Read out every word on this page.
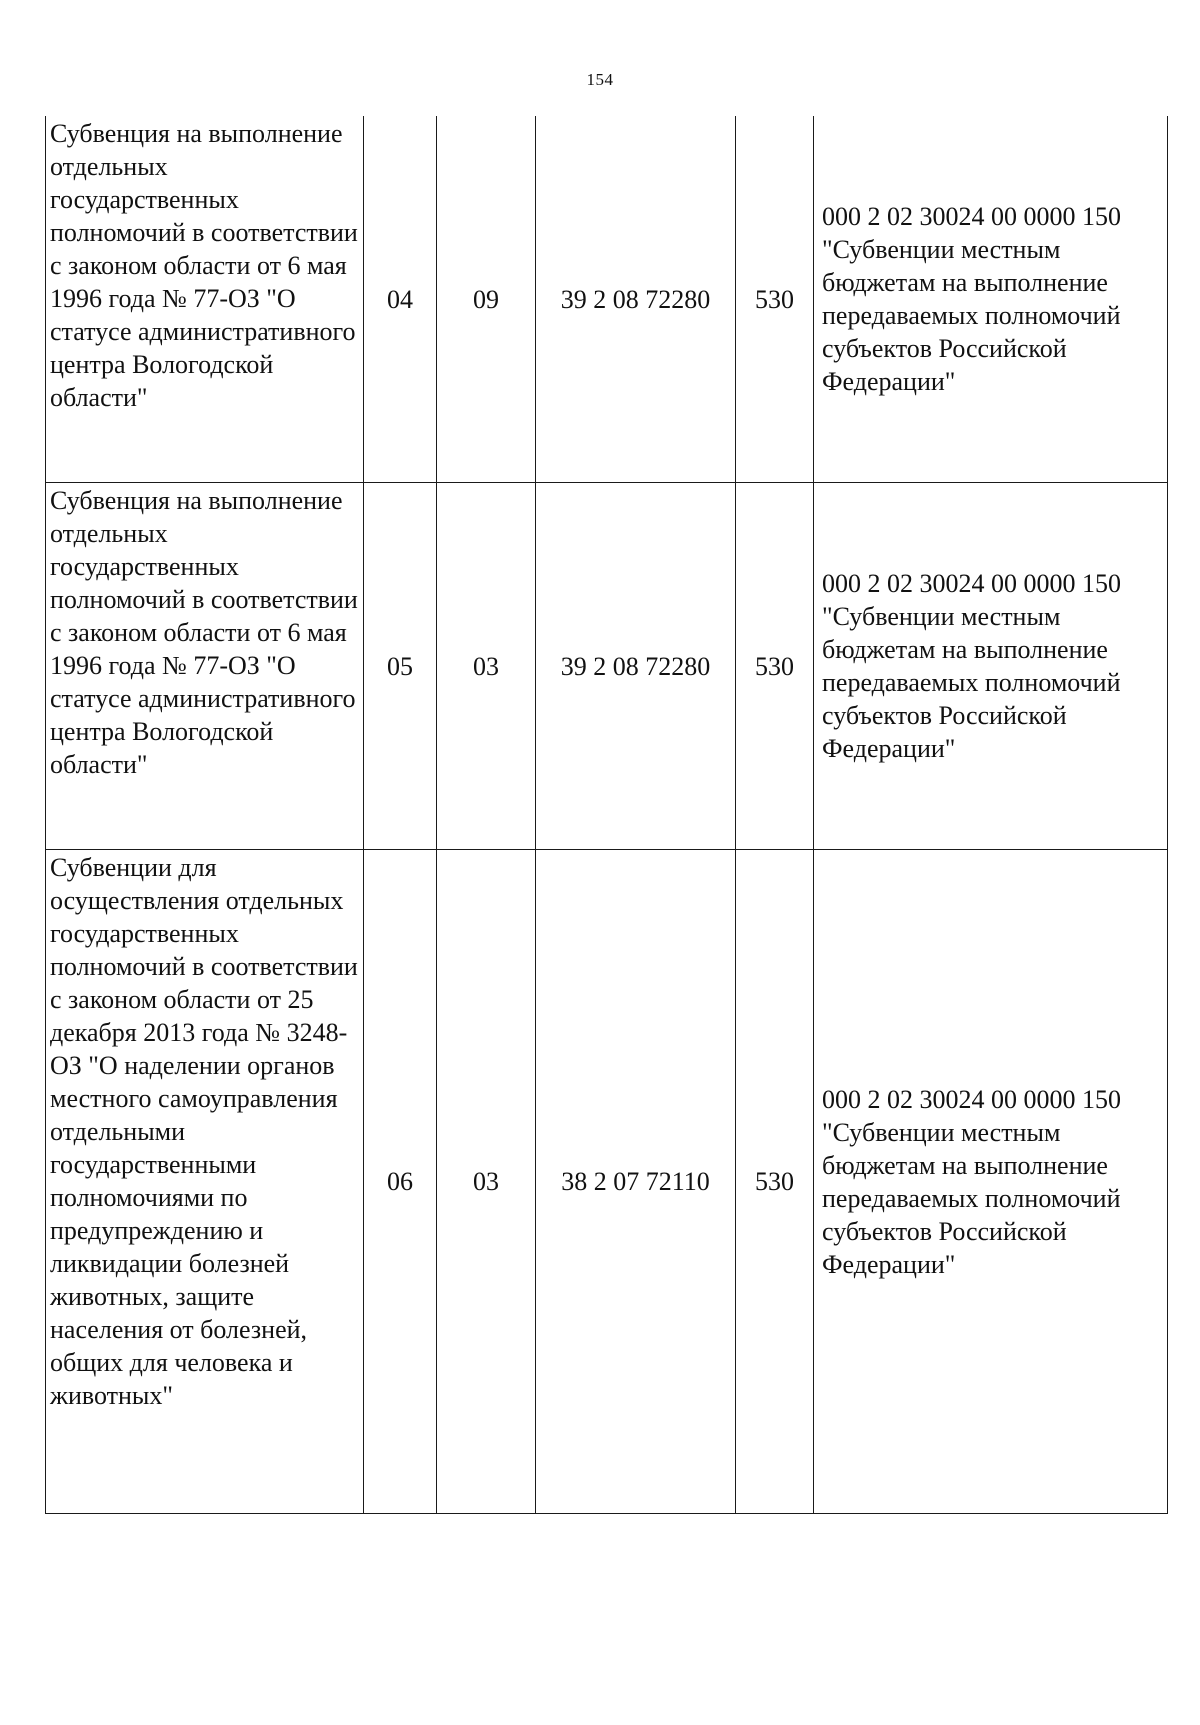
154
Субвенция на выполнение отдельных государственных полномочий в соответствии с законом области от 6 мая 1996 года № 77-ОЗ "О статусе административного центра Вологодской области"	04	09	39 2 08 72280	530	000 2 02 30024 00 0000 150 "Субвенции местным бюджетам на выполнение передаваемых полномочий субъектов Российской Федерации"
Субвенция на выполнение отдельных государственных полномочий в соответствии с законом области от 6 мая 1996 года № 77-ОЗ "О статусе административного центра Вологодской области"	05	03	39 2 08 72280	530	000 2 02 30024 00 0000 150 "Субвенции местным бюджетам на выполнение передаваемых полномочий субъектов Российской Федерации"
Субвенции для осуществления отдельных государственных полномочий в соответствии с законом области от 25 декабря 2013 года № 3248-ОЗ "О наделении органов местного самоуправления отдельными государственными полномочиями по предупреждению и ликвидации болезней животных, защите населения от болезней, общих для человека и животных"	06	03	38 2 07 72110	530	000 2 02 30024 00 0000 150 "Субвенции местным бюджетам на выполнение передаваемых полномочий субъектов Российской Федерации"
